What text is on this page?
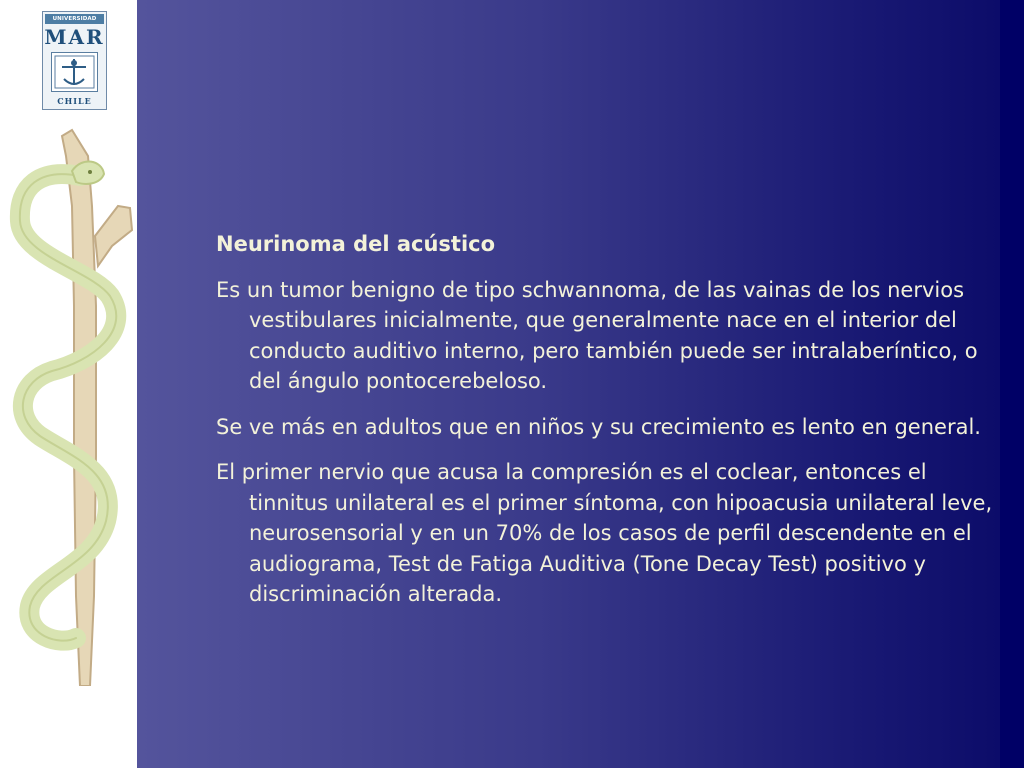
UNIVERSIDAD
MAR
CHILE
Neurinoma del acústico
Es un tumor benigno de tipo schwannoma, de las vainas de los nervios vestibulares inicialmente, que generalmente nace en el interior del conducto auditivo interno, pero también puede ser intralaberíntico, o del ángulo pontocerebeloso.
Se ve más en adultos que en niños y su crecimiento es lento en general.
El primer nervio que acusa la compresión es el coclear, entonces el tinnitus unilateral es el primer síntoma, con hipoacusia unilateral leve, neurosensorial y en un 70% de los casos de perfil descendente en el audiograma, Test de Fatiga Auditiva (Tone Decay Test) positivo y discriminación alterada.
